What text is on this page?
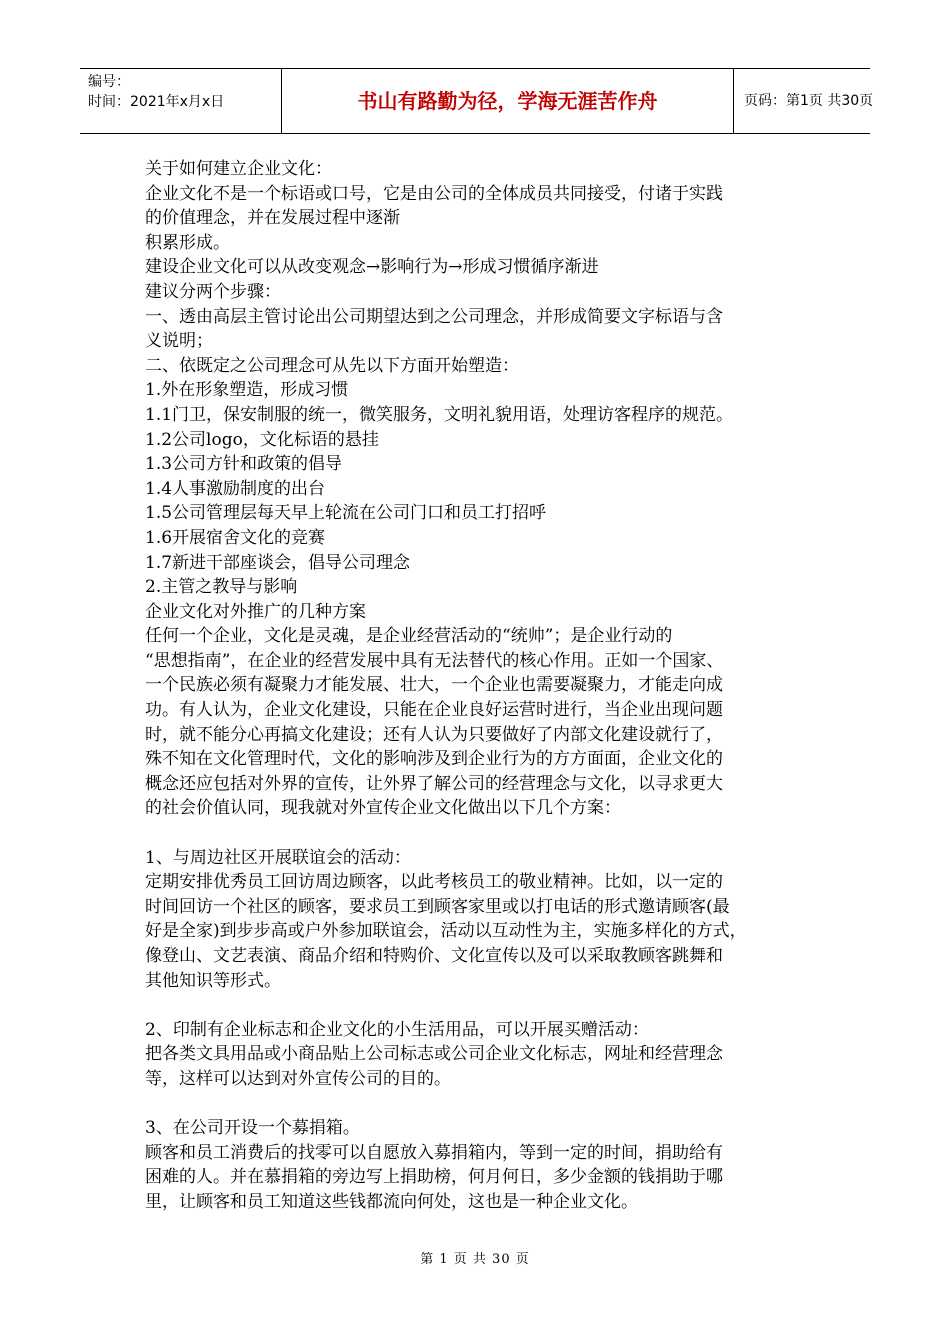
编号：
时间：2021年x月x日	书山有路勤为径，学海无涯苦作舟	页码：第1页 共30页

关于如何建立企业文化：

企业文化不是一个标语或口号，它是由公司的全体成员共同接受，付诸于实践

的价值理念，并在发展过程中逐渐

积累形成。

建设企业文化可以从改变观念→影响行为→形成习惯循序渐进

建议分两个步骤：

一、透由高层主管讨论出公司期望达到之公司理念，并形成简要文字标语与含

义说明；

二、依既定之公司理念可从先以下方面开始塑造：

1.外在形象塑造，形成习惯

1.1门卫，保安制服的统一，微笑服务，文明礼貌用语，处理访客程序的规范。

1.2公司logo，文化标语的悬挂

1.3公司方针和政策的倡导

1.4人事激励制度的出台

1.5公司管理层每天早上轮流在公司门口和员工打招呼

1.6开展宿舍文化的竞赛

1.7新进干部座谈会，倡导公司理念

2.主管之教导与影响

企业文化对外推广的几种方案

任何一个企业，文化是灵魂，是企业经营活动的“统帅”；是企业行动的

“思想指南”，在企业的经营发展中具有无法替代的核心作用。正如一个国家、

一个民族必须有凝聚力才能发展、壮大，一个企业也需要凝聚力，才能走向成

功。有人认为，企业文化建设，只能在企业良好运营时进行，当企业出现问题

时，就不能分心再搞文化建设；还有人认为只要做好了内部文化建设就行了，

殊不知在文化管理时代，文化的影响涉及到企业行为的方方面面，企业文化的

概念还应包括对外界的宣传，让外界了解公司的经营理念与文化，以寻求更大

的社会价值认同，现我就对外宣传企业文化做出以下几个方案：

1、与周边社区开展联谊会的活动：

定期安排优秀员工回访周边顾客，以此考核员工的敬业精神。比如，以一定的

时间回访一个社区的顾客，要求员工到顾客家里或以打电话的形式邀请顾客(最

好是全家)到步步高或户外参加联谊会，活动以互动性为主，实施多样化的方式，

像登山、文艺表演、商品介绍和特购价、文化宣传以及可以采取教顾客跳舞和

其他知识等形式。

2、印制有企业标志和企业文化的小生活用品，可以开展买赠活动：

把各类文具用品或小商品贴上公司标志或公司企业文化标志，网址和经营理念

等，这样可以达到对外宣传公司的目的。

3、在公司开设一个募捐箱。

顾客和员工消费后的找零可以自愿放入募捐箱内，等到一定的时间，捐助给有

困难的人。并在慕捐箱的旁边写上捐助榜，何月何日，多少金额的钱捐助于哪

里，让顾客和员工知道这些钱都流向何处，这也是一种企业文化。

第 1 页 共 30 页
